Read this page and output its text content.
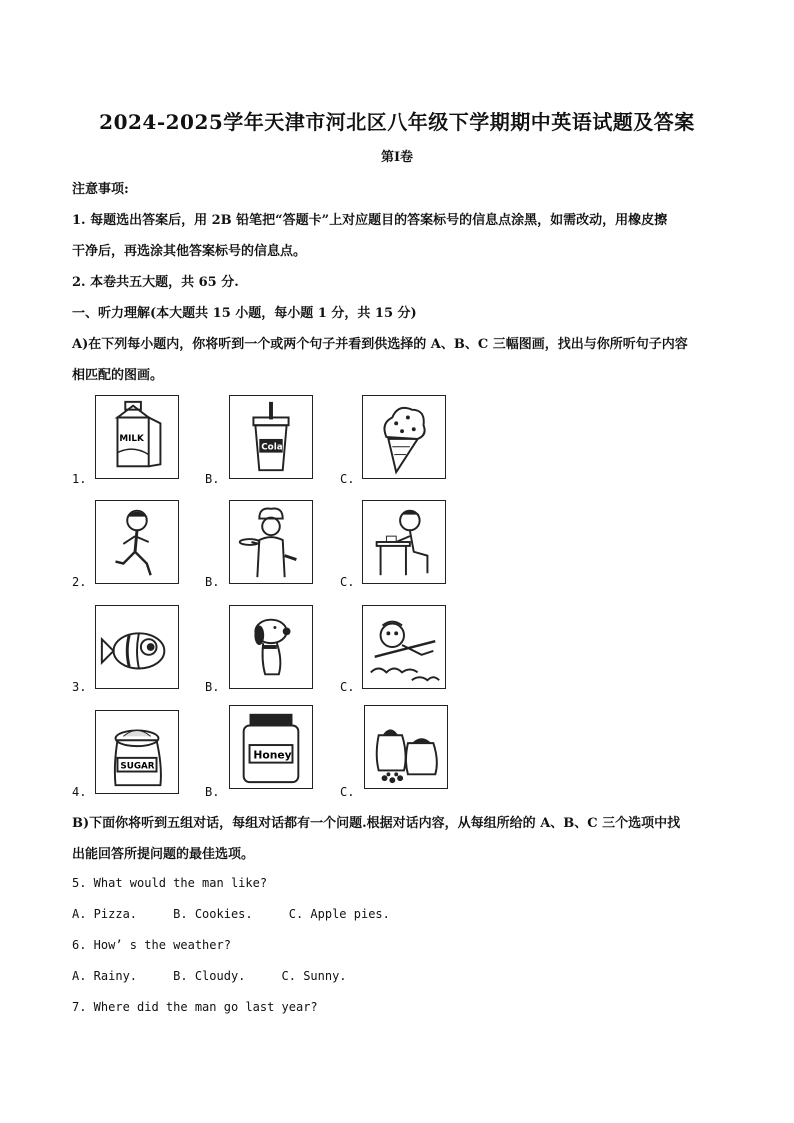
2024-2025学年天津市河北区八年级下学期期中英语试题及答案
第Ⅰ卷
注意事项:
1. 每题选出答案后，用 2B 铅笔把“答题卡”上对应题目的答案标号的信息点涂黑，如需改动，用橡皮擦
干净后，再选涂其他答案标号的信息点。
2. 本卷共五大题，共 65 分.
一、听力理解(本大题共 15 小题，每小题 1 分，共 15 分)
A)在下列每小题内，你将听到一个或两个句子并看到供选择的 A、B、C 三幅图画，找出与你所听句子内容
相匹配的图画。
1.
MILK
B.
Cola
C.
2.	B.	C.
3.	B.	C.
4.
SUGAR
B.
Honey
C.
B)下面你将听到五组对话，每组对话都有一个问题.根据对话内容，从每组所给的 A、B、C 三个选项中找
出能回答所提问题的最佳选项。
5. What would the man like?
A. Pizza.     B. Cookies.     C. Apple pies.
6. How’ s the weather?
A. Rainy.     B. Cloudy.     C. Sunny.
7. Where did the man go last year?
